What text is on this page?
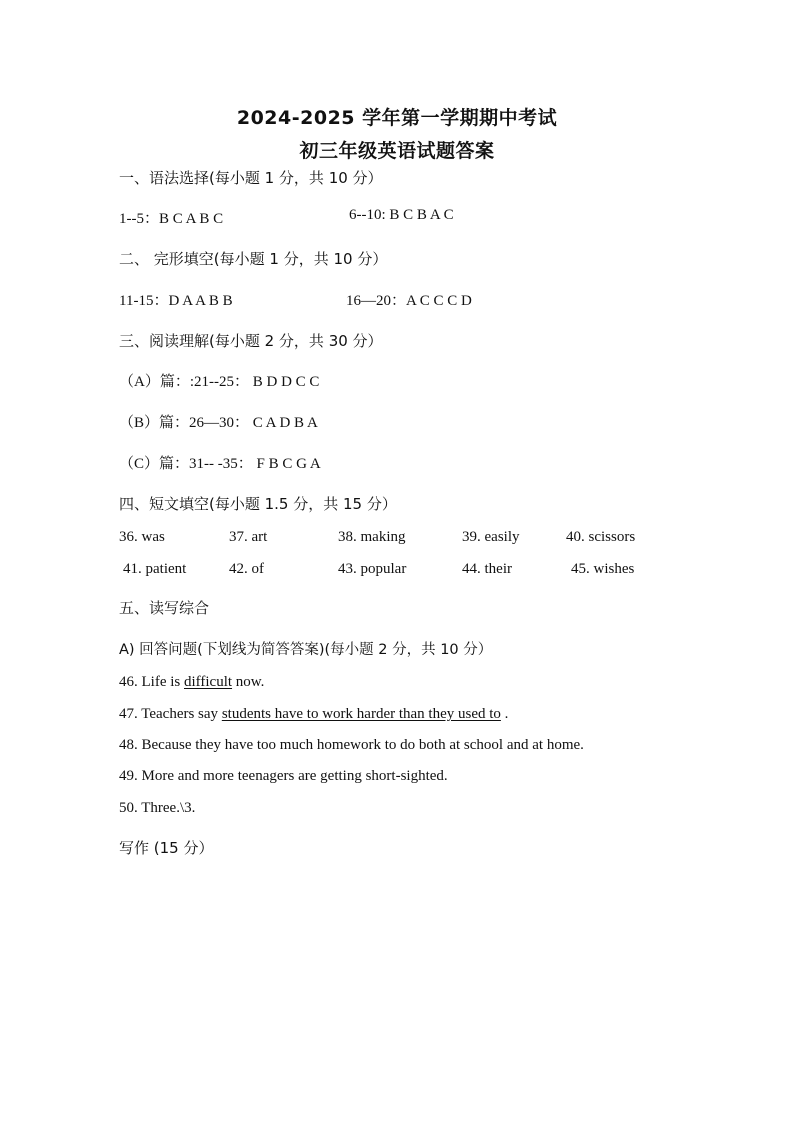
2024-2025 学年第一学期期中考试
初三年级英语试题答案
一、语法选择(每小题 1 分，共 10 分）
1--5：B C A B C	6--10: B C B A C
二、 完形填空(每小题 1 分，共 10 分）
11-15：D A A B B	16—20：A C C C D
三、阅读理解(每小题 2 分，共 30 分）
（A）篇：:21--25： B D D C C
（B）篇：26—30： C A D B A
（C）篇：31-- -35： F B C G A
四、短文填空(每小题 1.5 分，共 15 分）
36. was	37. art	38. making	39. easily	40. scissors
41. patient	42. of	43. popular	44. their	45. wishes
五、读写综合
A) 回答问题(下划线为简答答案)(每小题 2 分，共 10 分）
46. Life is difficult now.
47. Teachers say students have to work harder than they used to .
48. Because they have too much homework to do both at school and at home.
49. More and more teenagers are getting short-sighted.
50. Three.\3.
写作 (15 分）
